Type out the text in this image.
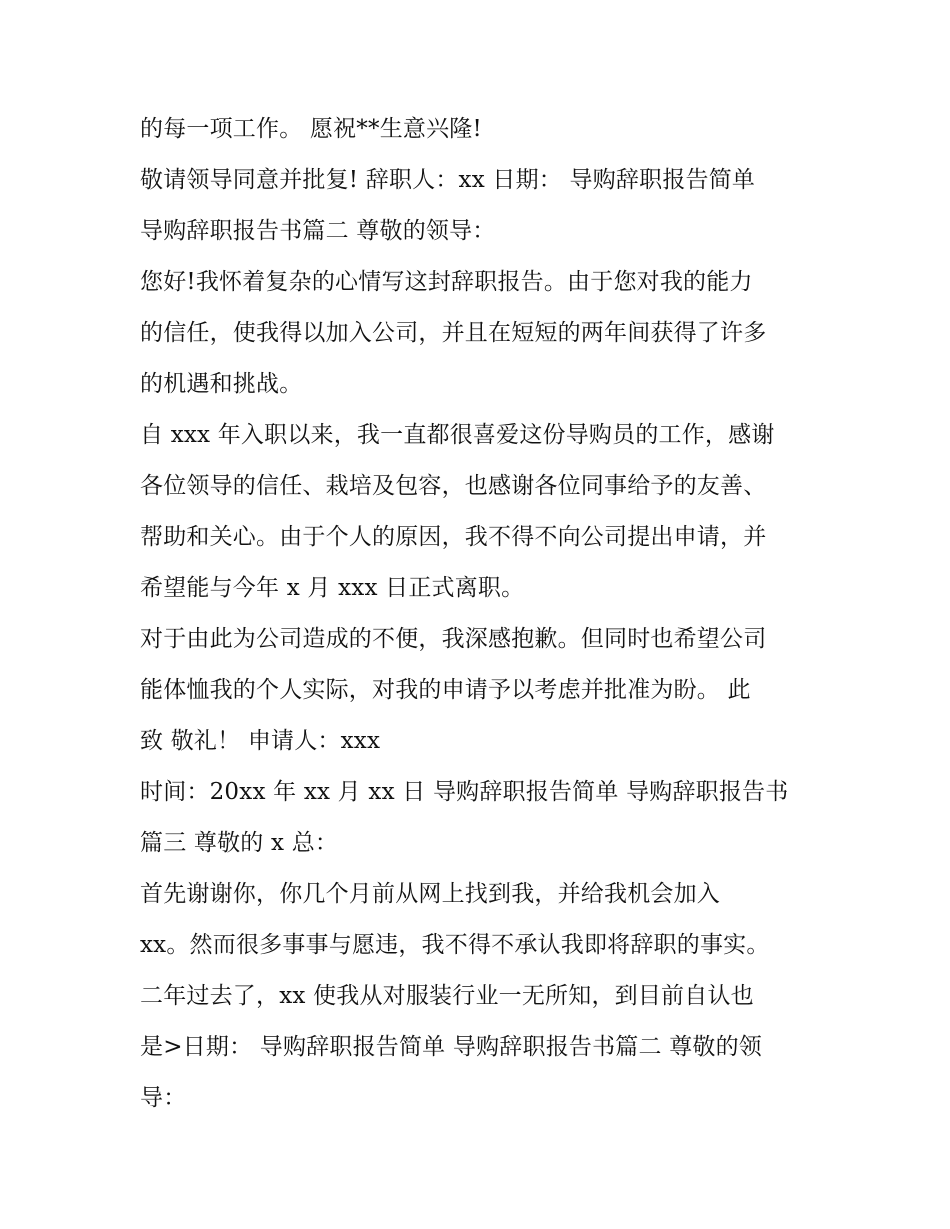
的每一项工作。 愿祝**生意兴隆!
敬请领导同意并批复! 辞职人：xx 日期： 导购辞职报告简单
导购辞职报告书篇二 尊敬的领导：
您好!我怀着复杂的心情写这封辞职报告。由于您对我的能力
的信任，使我得以加入公司，并且在短短的两年间获得了许多
的机遇和挑战。
自 xxx 年入职以来，我一直都很喜爱这份导购员的工作，感谢
各位领导的信任、栽培及包容，也感谢各位同事给予的友善、
帮助和关心。由于个人的原因，我不得不向公司提出申请，并
希望能与今年 x 月 xxx 日正式离职。
对于由此为公司造成的不便，我深感抱歉。但同时也希望公司
能体恤我的个人实际，对我的申请予以考虑并批准为盼。 此
致 敬礼！ 申请人：xxx
时间：20xx 年 xx 月 xx 日 导购辞职报告简单 导购辞职报告书
篇三 尊敬的 x 总：
首先谢谢你，你几个月前从网上找到我，并给我机会加入
xx。然而很多事事与愿违，我不得不承认我即将辞职的事实。
二年过去了，xx 使我从对服装行业一无所知，到目前自认也
是>日期： 导购辞职报告简单 导购辞职报告书篇二 尊敬的领
导：
